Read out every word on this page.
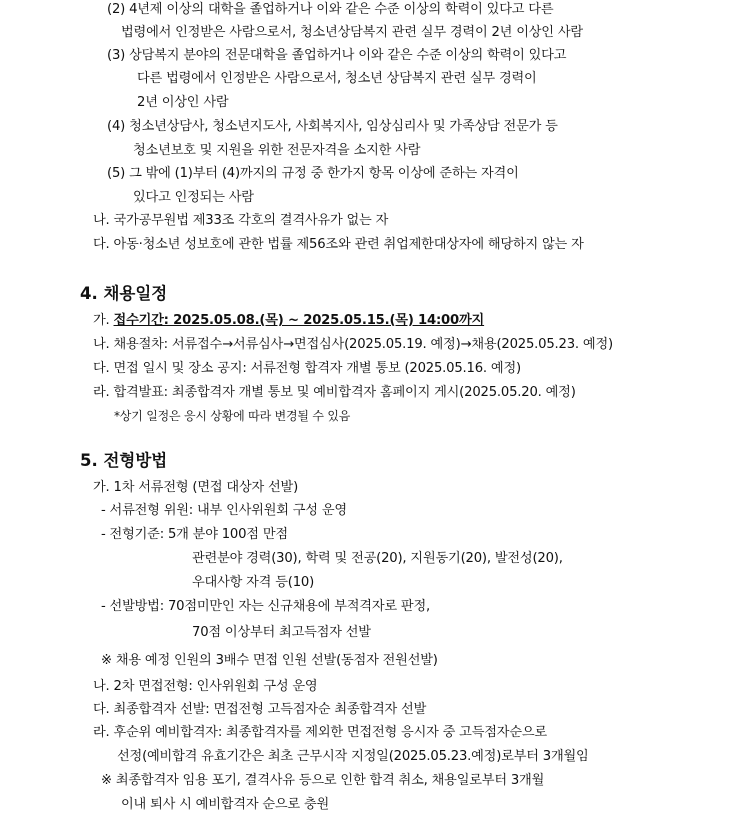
(2) 4년제 이상의 대학을 졸업하거나 이와 같은 수준 이상의 학력이 있다고 다른
법령에서 인정받은 사람으로서, 청소년상담복지 관련 실무 경력이 2년 이상인 사람
(3) 상담복지 분야의 전문대학을 졸업하거나 이와 같은 수준 이상의 학력이 있다고
다른 법령에서 인정받은 사람으로서, 청소년 상담복지 관련 실무 경력이
2년 이상인 사람
(4) 청소년상담사, 청소년지도사, 사회복지사, 임상심리사 및 가족상담 전문가 등
청소년보호 및 지원을 위한 전문자격을 소지한 사람
(5) 그 밖에 (1)부터 (4)까지의 규정 중 한가지 항목 이상에 준하는 자격이
있다고 인정되는 사람
나. 국가공무원법 제33조 각호의 결격사유가 없는 자
다. 아동·청소년 성보호에 관한 법률 제56조와 관련 취업제한대상자에 해당하지 않는 자
4. 채용일정
가. 접수기간: 2025.05.08.(목) ~ 2025.05.15.(목) 14:00까지
나. 채용절차: 서류접수→서류심사→면접심사(2025.05.19. 예정)→채용(2025.05.23. 예정)
다. 면접 일시 및 장소 공지: 서류전형 합격자 개별 통보 (2025.05.16. 예정)
라. 합격발표: 최종합격자 개별 통보 및 예비합격자 홈페이지 게시(2025.05.20. 예정)
*상기 일정은 응시 상황에 따라 변경될 수 있음
5. 전형방법
가. 1차 서류전형 (면접 대상자 선발)
- 서류전형 위원: 내부 인사위원회 구성 운영
- 전형기준: 5개 분야 100점 만점
관련분야 경력(30), 학력 및 전공(20), 지원동기(20), 발전성(20),
우대사항 자격 등(10)
- 선발방법: 70점미만인 자는 신규채용에 부적격자로 판정,
70점 이상부터 최고득점자 선발
※ 채용 예정 인원의 3배수 면접 인원 선발(동점자 전원선발)
나. 2차 면접전형: 인사위원회 구성 운영
다. 최종합격자 선발: 면접전형 고득점자순 최종합격자 선발
라. 후순위 예비합격자: 최종합격자를 제외한 면접전형 응시자 중 고득점자순으로
선정(예비합격 유효기간은 최초 근무시작 지정일(2025.05.23.예정)로부터 3개월임
※ 최종합격자 임용 포기, 결격사유 등으로 인한 합격 취소, 채용일로부터 3개월
이내 퇴사 시 예비합격자 순으로 충원
